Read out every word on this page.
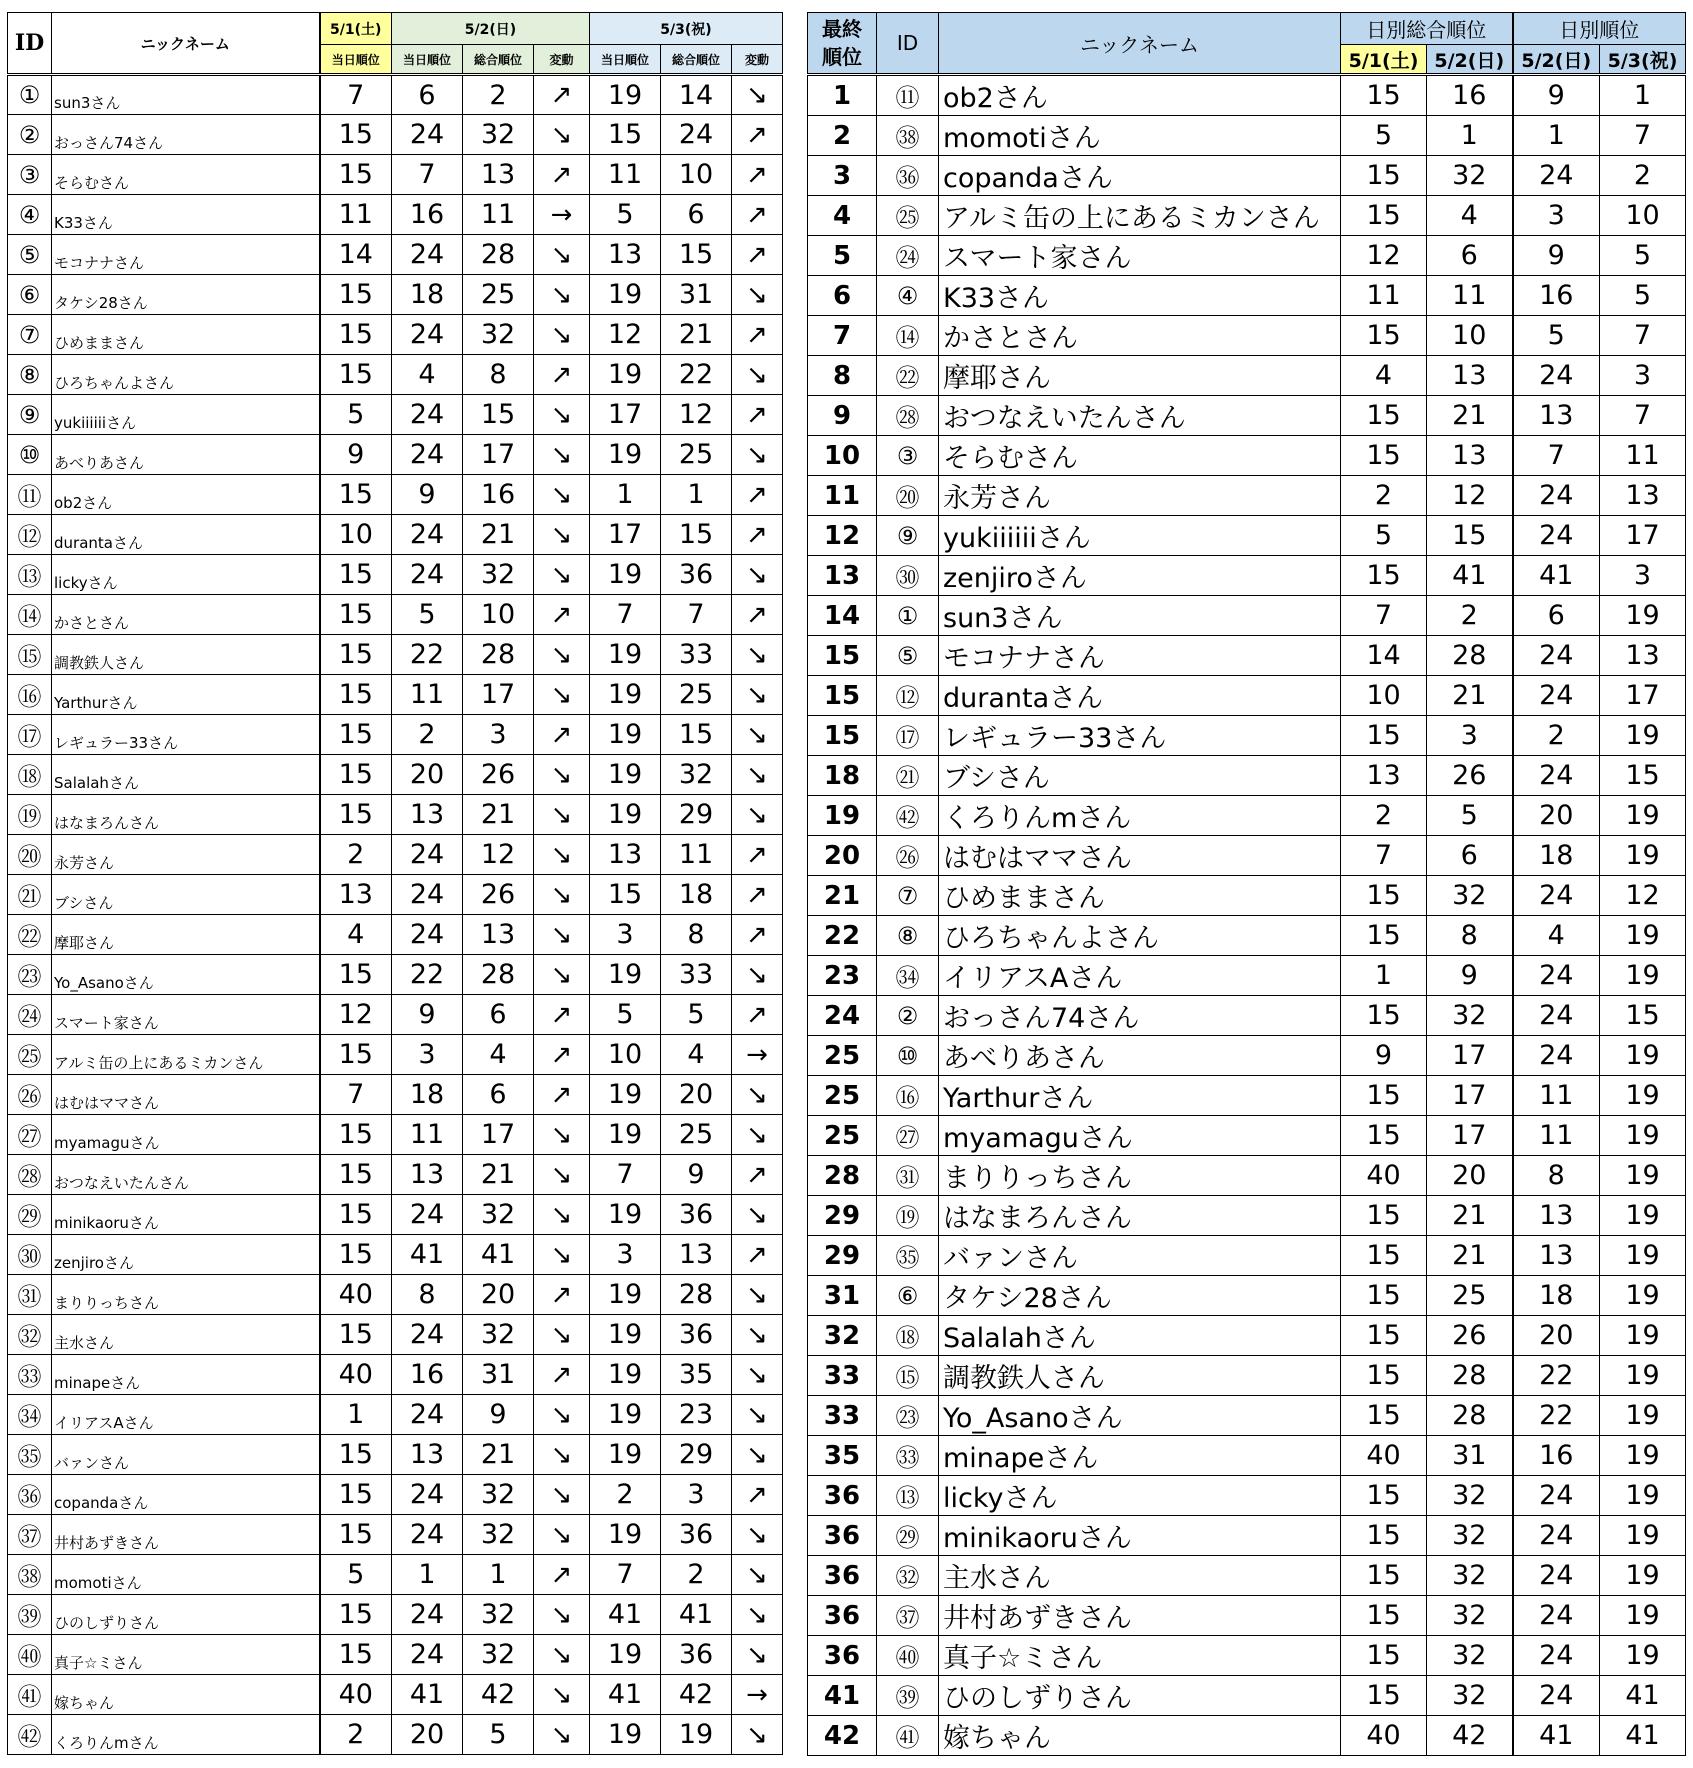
ID	ニックネーム	5/1(土)	5/2(日)			5/3(祝)		
		当日順位	当日順位	総合順位	変動	当日順位	総合順位	変動
①	sun3さん	7	6	2	↗	19	14	↘
②	おっさん74さん	15	24	32	↘	15	24	↗
③	そらむさん	15	7	13	↗	11	10	↗
④	K33さん	11	16	11	→	5	6	↗
⑤	モコナナさん	14	24	28	↘	13	15	↗
⑥	タケシ28さん	15	18	25	↘	19	31	↘
⑦	ひめままさん	15	24	32	↘	12	21	↗
⑧	ひろちゃんよさん	15	4	8	↗	19	22	↘
⑨	yukiiiiiiさん	5	24	15	↘	17	12	↗
⑩	あべりあさん	9	24	17	↘	19	25	↘
⑪	ob2さん	15	9	16	↘	1	1	↗
⑫	durantaさん	10	24	21	↘	17	15	↗
⑬	lickyさん	15	24	32	↘	19	36	↘
⑭	かさとさん	15	5	10	↗	7	7	↗
⑮	調教鉄人さん	15	22	28	↘	19	33	↘
⑯	Yarthurさん	15	11	17	↘	19	25	↘
⑰	レギュラー33さん	15	2	3	↗	19	15	↘
⑱	Salalahさん	15	20	26	↘	19	32	↘
⑲	はなまろんさん	15	13	21	↘	19	29	↘
⑳	永芳さん	2	24	12	↘	13	11	↗
㉑	ブシさん	13	24	26	↘	15	18	↗
㉒	摩耶さん	4	24	13	↘	3	8	↗
㉓	Yo_Asanoさん	15	22	28	↘	19	33	↘
㉔	スマート家さん	12	9	6	↗	5	5	↗
㉕	アルミ缶の上にあるミカンさん	15	3	4	↗	10	4	→
㉖	はむはママさん	7	18	6	↗	19	20	↘
㉗	myamaguさん	15	11	17	↘	19	25	↘
㉘	おつなえいたんさん	15	13	21	↘	7	9	↗
㉙	minikaoruさん	15	24	32	↘	19	36	↘
㉚	zenjiroさん	15	41	41	↘	3	13	↗
㉛	まりりっちさん	40	8	20	↗	19	28	↘
㉜	主水さん	15	24	32	↘	19	36	↘
㉝	minapeさん	40	16	31	↗	19	35	↘
㉞	イリアスAさん	1	24	9	↘	19	23	↘
㉟	バァンさん	15	13	21	↘	19	29	↘
㊱	copandaさん	15	24	32	↘	2	3	↗
㊲	井村あずきさん	15	24	32	↘	19	36	↘
㊳	momotiさん	5	1	1	↗	7	2	↘
㊴	ひのしずりさん	15	24	32	↘	41	41	↘
㊵	真子☆ミさん	15	24	32	↘	19	36	↘
㊶	嫁ちゃん	40	41	42	↘	41	42	→
㊷	くろりんmさん	2	20	5	↘	19	19	↘
最終
順位	ID	ニックネーム	日別総合順位		日別順位	
			5/1(土)	5/2(日)	5/2(日)	5/3(祝)
1	⑪	ob2さん	15	16	9	1
2	㊳	momotiさん	5	1	1	7
3	㊱	copandaさん	15	32	24	2
4	㉕	アルミ缶の上にあるミカンさん	15	4	3	10
5	㉔	スマート家さん	12	6	9	5
6	④	K33さん	11	11	16	5
7	⑭	かさとさん	15	10	5	7
8	㉒	摩耶さん	4	13	24	3
9	㉘	おつなえいたんさん	15	21	13	7
10	③	そらむさん	15	13	7	11
11	⑳	永芳さん	2	12	24	13
12	⑨	yukiiiiiiさん	5	15	24	17
13	㉚	zenjiroさん	15	41	41	3
14	①	sun3さん	7	2	6	19
15	⑤	モコナナさん	14	28	24	13
15	⑫	durantaさん	10	21	24	17
15	⑰	レギュラー33さん	15	3	2	19
18	㉑	ブシさん	13	26	24	15
19	㊷	くろりんmさん	2	5	20	19
20	㉖	はむはママさん	7	6	18	19
21	⑦	ひめままさん	15	32	24	12
22	⑧	ひろちゃんよさん	15	8	4	19
23	㉞	イリアスAさん	1	9	24	19
24	②	おっさん74さん	15	32	24	15
25	⑩	あべりあさん	9	17	24	19
25	⑯	Yarthurさん	15	17	11	19
25	㉗	myamaguさん	15	17	11	19
28	㉛	まりりっちさん	40	20	8	19
29	⑲	はなまろんさん	15	21	13	19
29	㉟	バァンさん	15	21	13	19
31	⑥	タケシ28さん	15	25	18	19
32	⑱	Salalahさん	15	26	20	19
33	⑮	調教鉄人さん	15	28	22	19
33	㉓	Yo_Asanoさん	15	28	22	19
35	㉝	minapeさん	40	31	16	19
36	⑬	lickyさん	15	32	24	19
36	㉙	minikaoruさん	15	32	24	19
36	㉜	主水さん	15	32	24	19
36	㊲	井村あずきさん	15	32	24	19
36	㊵	真子☆ミさん	15	32	24	19
41	㊴	ひのしずりさん	15	32	24	41
42	㊶	嫁ちゃん	40	42	41	41
